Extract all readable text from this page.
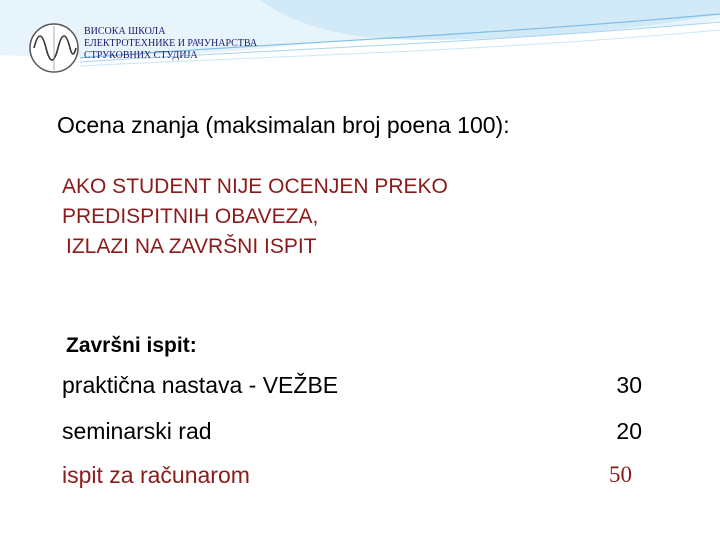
ВИСОКА ШКОЛА
ЕЛЕКТРОТЕХНИКЕ И РАЧУНАРСТВА
СТРУКОВНИХ СТУДИЈА
Ocena znanja (maksimalan broj poena 100):
AKO STUDENT NIJE OCENJEN PREKO
PREDISPITNIH OBAVEZA,
IZLAZI NA ZAVRŠNI ISPIT
Završni ispit:
praktična nastava - VEŽBE	30
seminarski rad	20
ispit za računarom	50
